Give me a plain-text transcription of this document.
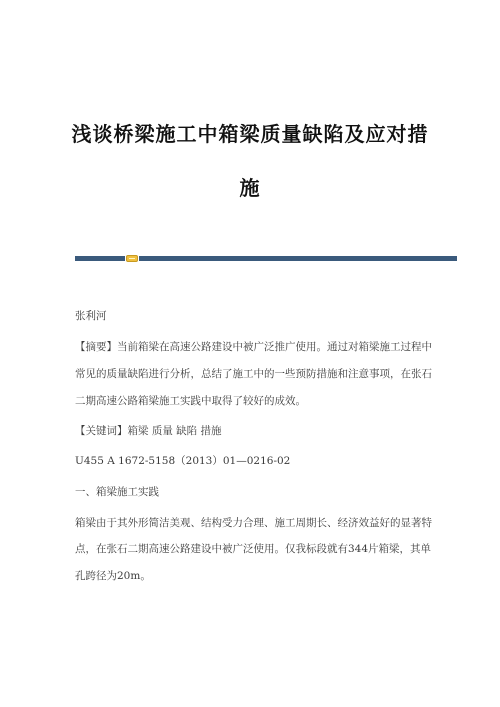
浅谈桥梁施工中箱梁质量缺陷及应对措
施
张利河
【摘要】当前箱梁在高速公路建设中被广泛推广使用。通过对箱梁施工过程中
常见的质量缺陷进行分析，总结了施工中的一些预防措施和注意事项，在张石
二期高速公路箱梁施工实践中取得了较好的成效。
【关键词】箱梁 质量 缺陷 措施
U455 A 1672-5158（2013）01—0216-02
一、箱梁施工实践
箱梁由于其外形简洁美观、结构受力合理、施工周期长、经济效益好的显著特
点，在张石二期高速公路建设中被广泛使用。仅我标段就有344片箱梁，其单
孔跨径为20m。
